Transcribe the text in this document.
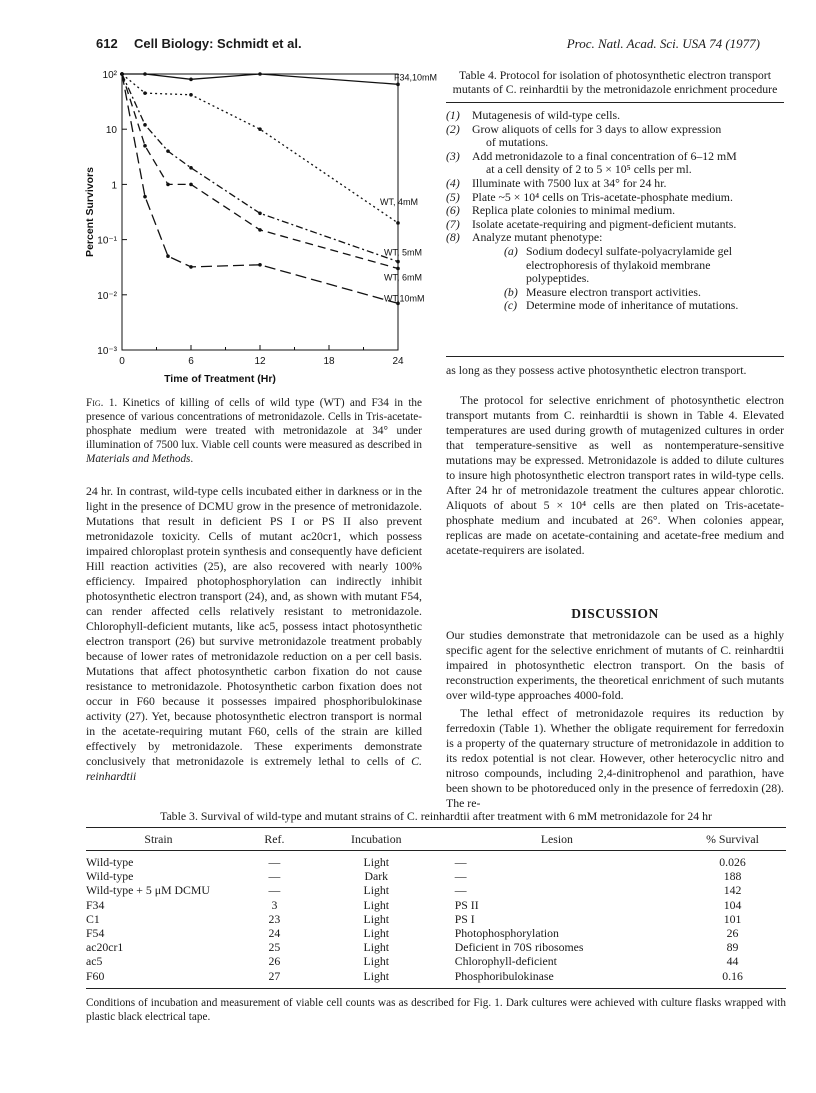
612 Cell Biology: Schmidt et al.	Proc. Natl. Acad. Sci. USA 74 (1977)
0	6	12	18	24
10⁻³
10⁻²
10⁻¹
1
10
10²
Time of Treatment (Hr)
Percent Survivors
F34,10mM
WT, 4mM
WT, 5mM
WT, 6mM
WT,10mM
Fig. 1. Kinetics of killing of cells of wild type (WT) and F34 in the presence of various concentrations of metronidazole. Cells in Tris-acetate-phosphate medium were treated with metronidazole at 34° under illumination of 7500 lux. Viable cell counts were measured as described in Materials and Methods.
24 hr. In contrast, wild-type cells incubated either in darkness or in the light in the presence of DCMU grow in the presence of metronidazole. Mutations that result in deficient PS I or PS II also prevent metronidazole toxicity. Cells of mutant ac20cr1, which possess impaired chloroplast protein synthesis and consequently have deficient Hill reaction activities (25), are also recovered with nearly 100% efficiency. Impaired photophosphorylation can indirectly inhibit photosynthetic electron transport (24), and, as shown with mutant F54, can render affected cells relatively resistant to metronidazole. Chlorophyll-deficient mutants, like ac5, possess intact photosynthetic electron transport (26) but survive metronidazole treatment probably because of lower rates of metronidazole reduction on a per cell basis. Mutations that affect photosynthetic carbon fixation do not cause resistance to metronidazole. Photosynthetic carbon fixation does not occur in F60 because it possesses impaired phosphoribulokinase activity (27). Yet, because photosynthetic electron transport is normal in the acetate-requiring mutant F60, cells of the strain are killed effectively by metronidazole. These experiments demonstrate conclusively that metronidazole is extremely lethal to cells of C. reinhardtii
Table 4. Protocol for isolation of photosynthetic electron transport mutants of C. reinhardtii by the metronidazole enrichment procedure
(1) Mutagenesis of wild-type cells.
(2) Grow aliquots of cells for 3 days to allow expression
of mutations.
(3) Add metronidazole to a final concentration of 6–12 mM
at a cell density of 2 to 5 × 10⁵ cells per ml.
(4) Illuminate with 7500 lux at 34° for 24 hr.
(5) Plate ~5 × 10⁴ cells on Tris-acetate-phosphate medium.
(6) Replica plate colonies to minimal medium.
(7) Isolate acetate-requiring and pigment-deficient mutants.
(8) Analyze mutant phenotype:
(a) Sodium dodecyl sulfate-polyacrylamide gel
electrophoresis of thylakoid membrane
polypeptides.
(b) Measure electron transport activities.
(c) Determine mode of inheritance of mutations.
as long as they possess active photosynthetic electron transport.
The protocol for selective enrichment of photosynthetic electron transport mutants from C. reinhardtii is shown in Table 4. Elevated temperatures are used during growth of mutagenized cultures in order that temperature-sensitive as well as nontemperature-sensitive mutations may be expressed. Metronidazole is added to dilute cultures to insure high photosynthetic electron transport rates in wild-type cells. After 24 hr of metronidazole treatment the cultures appear chlorotic. Aliquots of about 5 × 10⁴ cells are then plated on Tris-acetate-phosphate medium and incubated at 26°. When colonies appear, replicas are made on acetate-containing and acetate-free medium and acetate-requirers are isolated.
DISCUSSION
Our studies demonstrate that metronidazole can be used as a highly specific agent for the selective enrichment of mutants of C. reinhardtii impaired in photosynthetic electron transport. On the basis of reconstruction experiments, the theoretical enrichment of such mutants over wild-type approaches 4000-fold.
The lethal effect of metronidazole requires its reduction by ferredoxin (Table 1). Whether the obligate requirement for ferredoxin is a property of the quaternary structure of metronidazole in addition to its redox potential is not clear. However, other heterocyclic nitro and nitroso compounds, including 2,4-dinitrophenol and parathion, have been shown to be photoreduced only in the presence of ferredoxin (28). The re-
Table 3. Survival of wild-type and mutant strains of C. reinhardtii after treatment with 6 mM metronidazole for 24 hr
Strain	Ref.	Incubation	Lesion	% Survival
Wild-type	—	Light	—	0.026
Wild-type	—	Dark	—	188
Wild-type + 5 μM DCMU	—	Light	—	142
F34	3	Light	PS II	104
C1	23	Light	PS I	101
F54	24	Light	Photophosphorylation	26
ac20cr1	25	Light	Deficient in 70S ribosomes	89
ac5	26	Light	Chlorophyll-deficient	44
F60	27	Light	Phosphoribulokinase	0.16
Conditions of incubation and measurement of viable cell counts was as described for Fig. 1. Dark cultures were achieved with culture flasks wrapped with plastic black electrical tape.
